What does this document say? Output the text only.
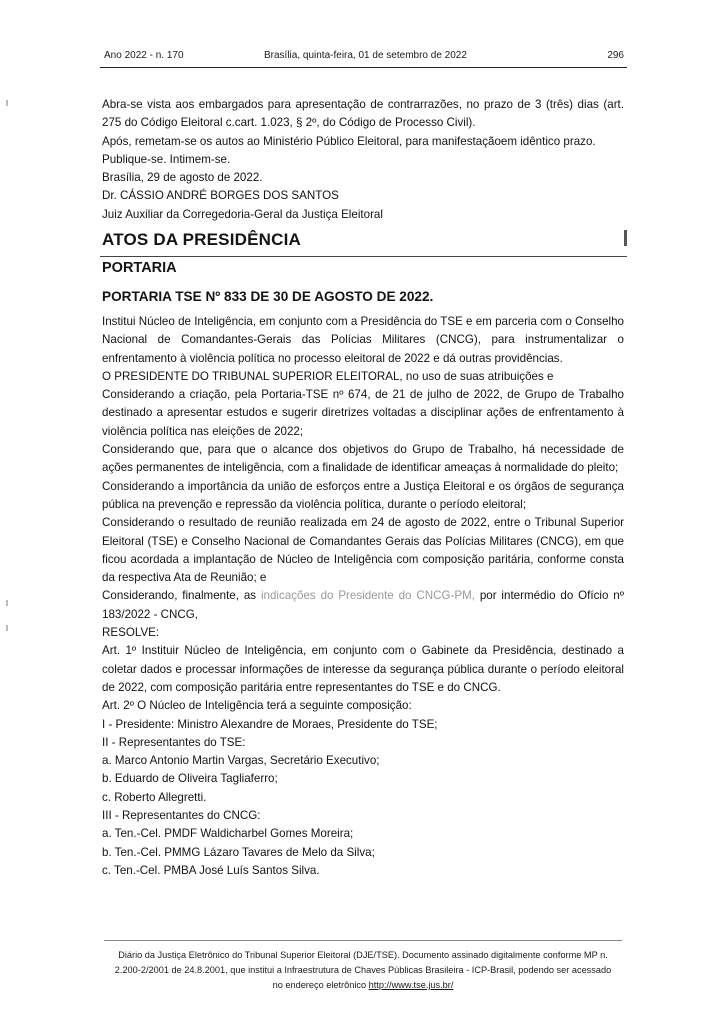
Ano 2022 - n. 170	Brasília, quinta-feira, 01 de setembro de 2022	296

Abra-se vista aos embargados para apresentação de contrarrazões, no prazo de 3 (três) dias (art. 275 do Código Eleitoral c.cart. 1.023, § 2º, do Código de Processo Civil).

Após, remetam-se os autos ao Ministério Público Eleitoral, para manifestaçãoem idêntico prazo.

Publique-se. Intimem-se.

Brasília, 29 de agosto de 2022.

Dr. CÁSSIO ANDRÉ BORGES DOS SANTOS

Juiz Auxiliar da Corregedoria-Geral da Justiça Eleitoral

ATOS DA PRESIDÊNCIA
PORTARIA
PORTARIA TSE Nº 833 DE 30 DE AGOSTO DE 2022.

Institui Núcleo de Inteligência, em conjunto com a Presidência do TSE e em parceria com o Conselho Nacional de Comandantes-Gerais das Polícias Militares (CNCG), para instrumentalizar o enfrentamento à violência política no processo eleitoral de 2022 e dá outras providências.

O PRESIDENTE DO TRIBUNAL SUPERIOR ELEITORAL, no uso de suas atribuições e

Considerando a criação, pela Portaria-TSE nº 674, de 21 de julho de 2022, de Grupo de Trabalho destinado a apresentar estudos e sugerir diretrizes voltadas a disciplinar ações de enfrentamento à violência política nas eleições de 2022;

Considerando que, para que o alcance dos objetivos do Grupo de Trabalho, há necessidade de ações permanentes de inteligência, com a finalidade de identificar ameaças à normalidade do pleito;

Considerando a importância da união de esforços entre a Justiça Eleitoral e os órgãos de segurança pública na prevenção e repressão da violência política, durante o período eleitoral;

Considerando o resultado de reunião realizada em 24 de agosto de 2022, entre o Tribunal Superior Eleitoral (TSE) e Conselho Nacional de Comandantes Gerais das Polícias Militares (CNCG), em que ficou acordada a implantação de Núcleo de Inteligência com composição paritária, conforme consta da respectiva Ata de Reunião; e

Considerando, finalmente, as indicações do Presidente do CNCG-PM, por intermédio do Ofício nº 183/2022 - CNCG,

RESOLVE:

Art. 1º Instituir Núcleo de Inteligência, em conjunto com o Gabinete da Presidência, destinado a coletar dados e processar informações de interesse da segurança pública durante o período eleitoral de 2022, com composição paritária entre representantes do TSE e do CNCG.

Art. 2º O Núcleo de Inteligência terá a seguinte composição:

I - Presidente: Ministro Alexandre de Moraes, Presidente do TSE;

II - Representantes do TSE:

a. Marco Antonio Martin Vargas, Secretário Executivo;

b. Eduardo de Oliveira Tagliaferro;

c. Roberto Allegretti.

III - Representantes do CNCG:

a. Ten.-Cel. PMDF Waldicharbel Gomes Moreira;

b. Ten.-Cel. PMMG Lázaro Tavares de Melo da Silva;

c. Ten.-Cel. PMBA José Luís Santos Silva.

Diário da Justiça Eletrônico do Tribunal Superior Eleitoral (DJE/TSE). Documento assinado digitalmente conforme MP n.
2.200-2/2001 de 24.8.2001, que institui a Infraestrutura de Chaves Públicas Brasileira - ICP-Brasil, podendo ser acessado
no endereço eletrônico http://www.tse.jus.br/
